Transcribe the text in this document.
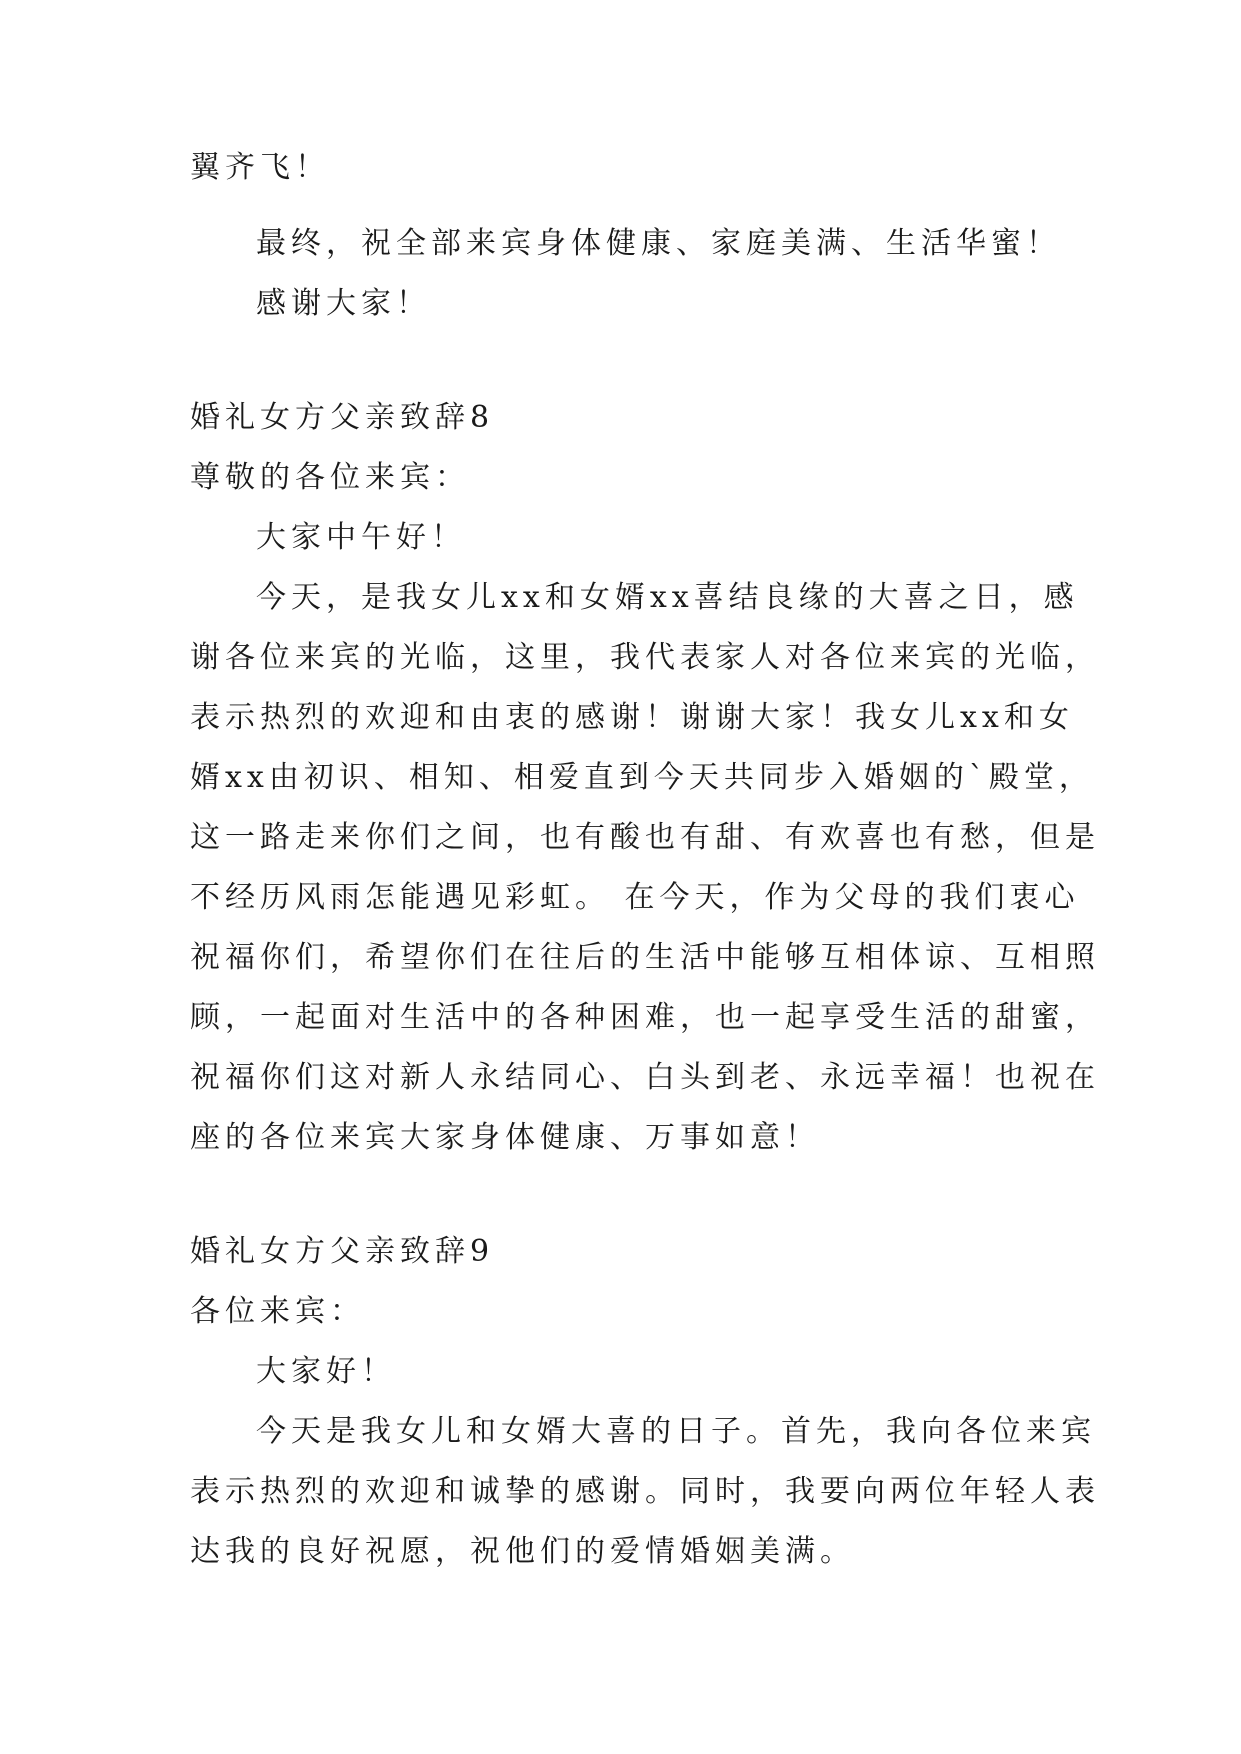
翼齐飞！
最终，祝全部来宾身体健康、家庭美满、生活华蜜！
感谢大家！
婚礼女方父亲致辞8
尊敬的各位来宾：
大家中午好！
今天，是我女儿xx和女婿xx喜结良缘的大喜之日，感
谢各位来宾的光临，这里，我代表家人对各位来宾的光临，
表示热烈的欢迎和由衷的感谢！谢谢大家！我女儿xx和女
婿xx由初识、相知、相爱直到今天共同步入婚姻的`殿堂，
这一路走来你们之间，也有酸也有甜、有欢喜也有愁，但是
不经历风雨怎能遇见彩虹。 在今天，作为父母的我们衷心
祝福你们，希望你们在往后的生活中能够互相体谅、互相照
顾，一起面对生活中的各种困难，也一起享受生活的甜蜜，
祝福你们这对新人永结同心、白头到老、永远幸福！也祝在
座的各位来宾大家身体健康、万事如意！
婚礼女方父亲致辞9
各位来宾：
大家好！
今天是我女儿和女婿大喜的日子。首先，我向各位来宾
表示热烈的欢迎和诚挚的感谢。同时，我要向两位年轻人表
达我的良好祝愿，祝他们的爱情婚姻美满。
